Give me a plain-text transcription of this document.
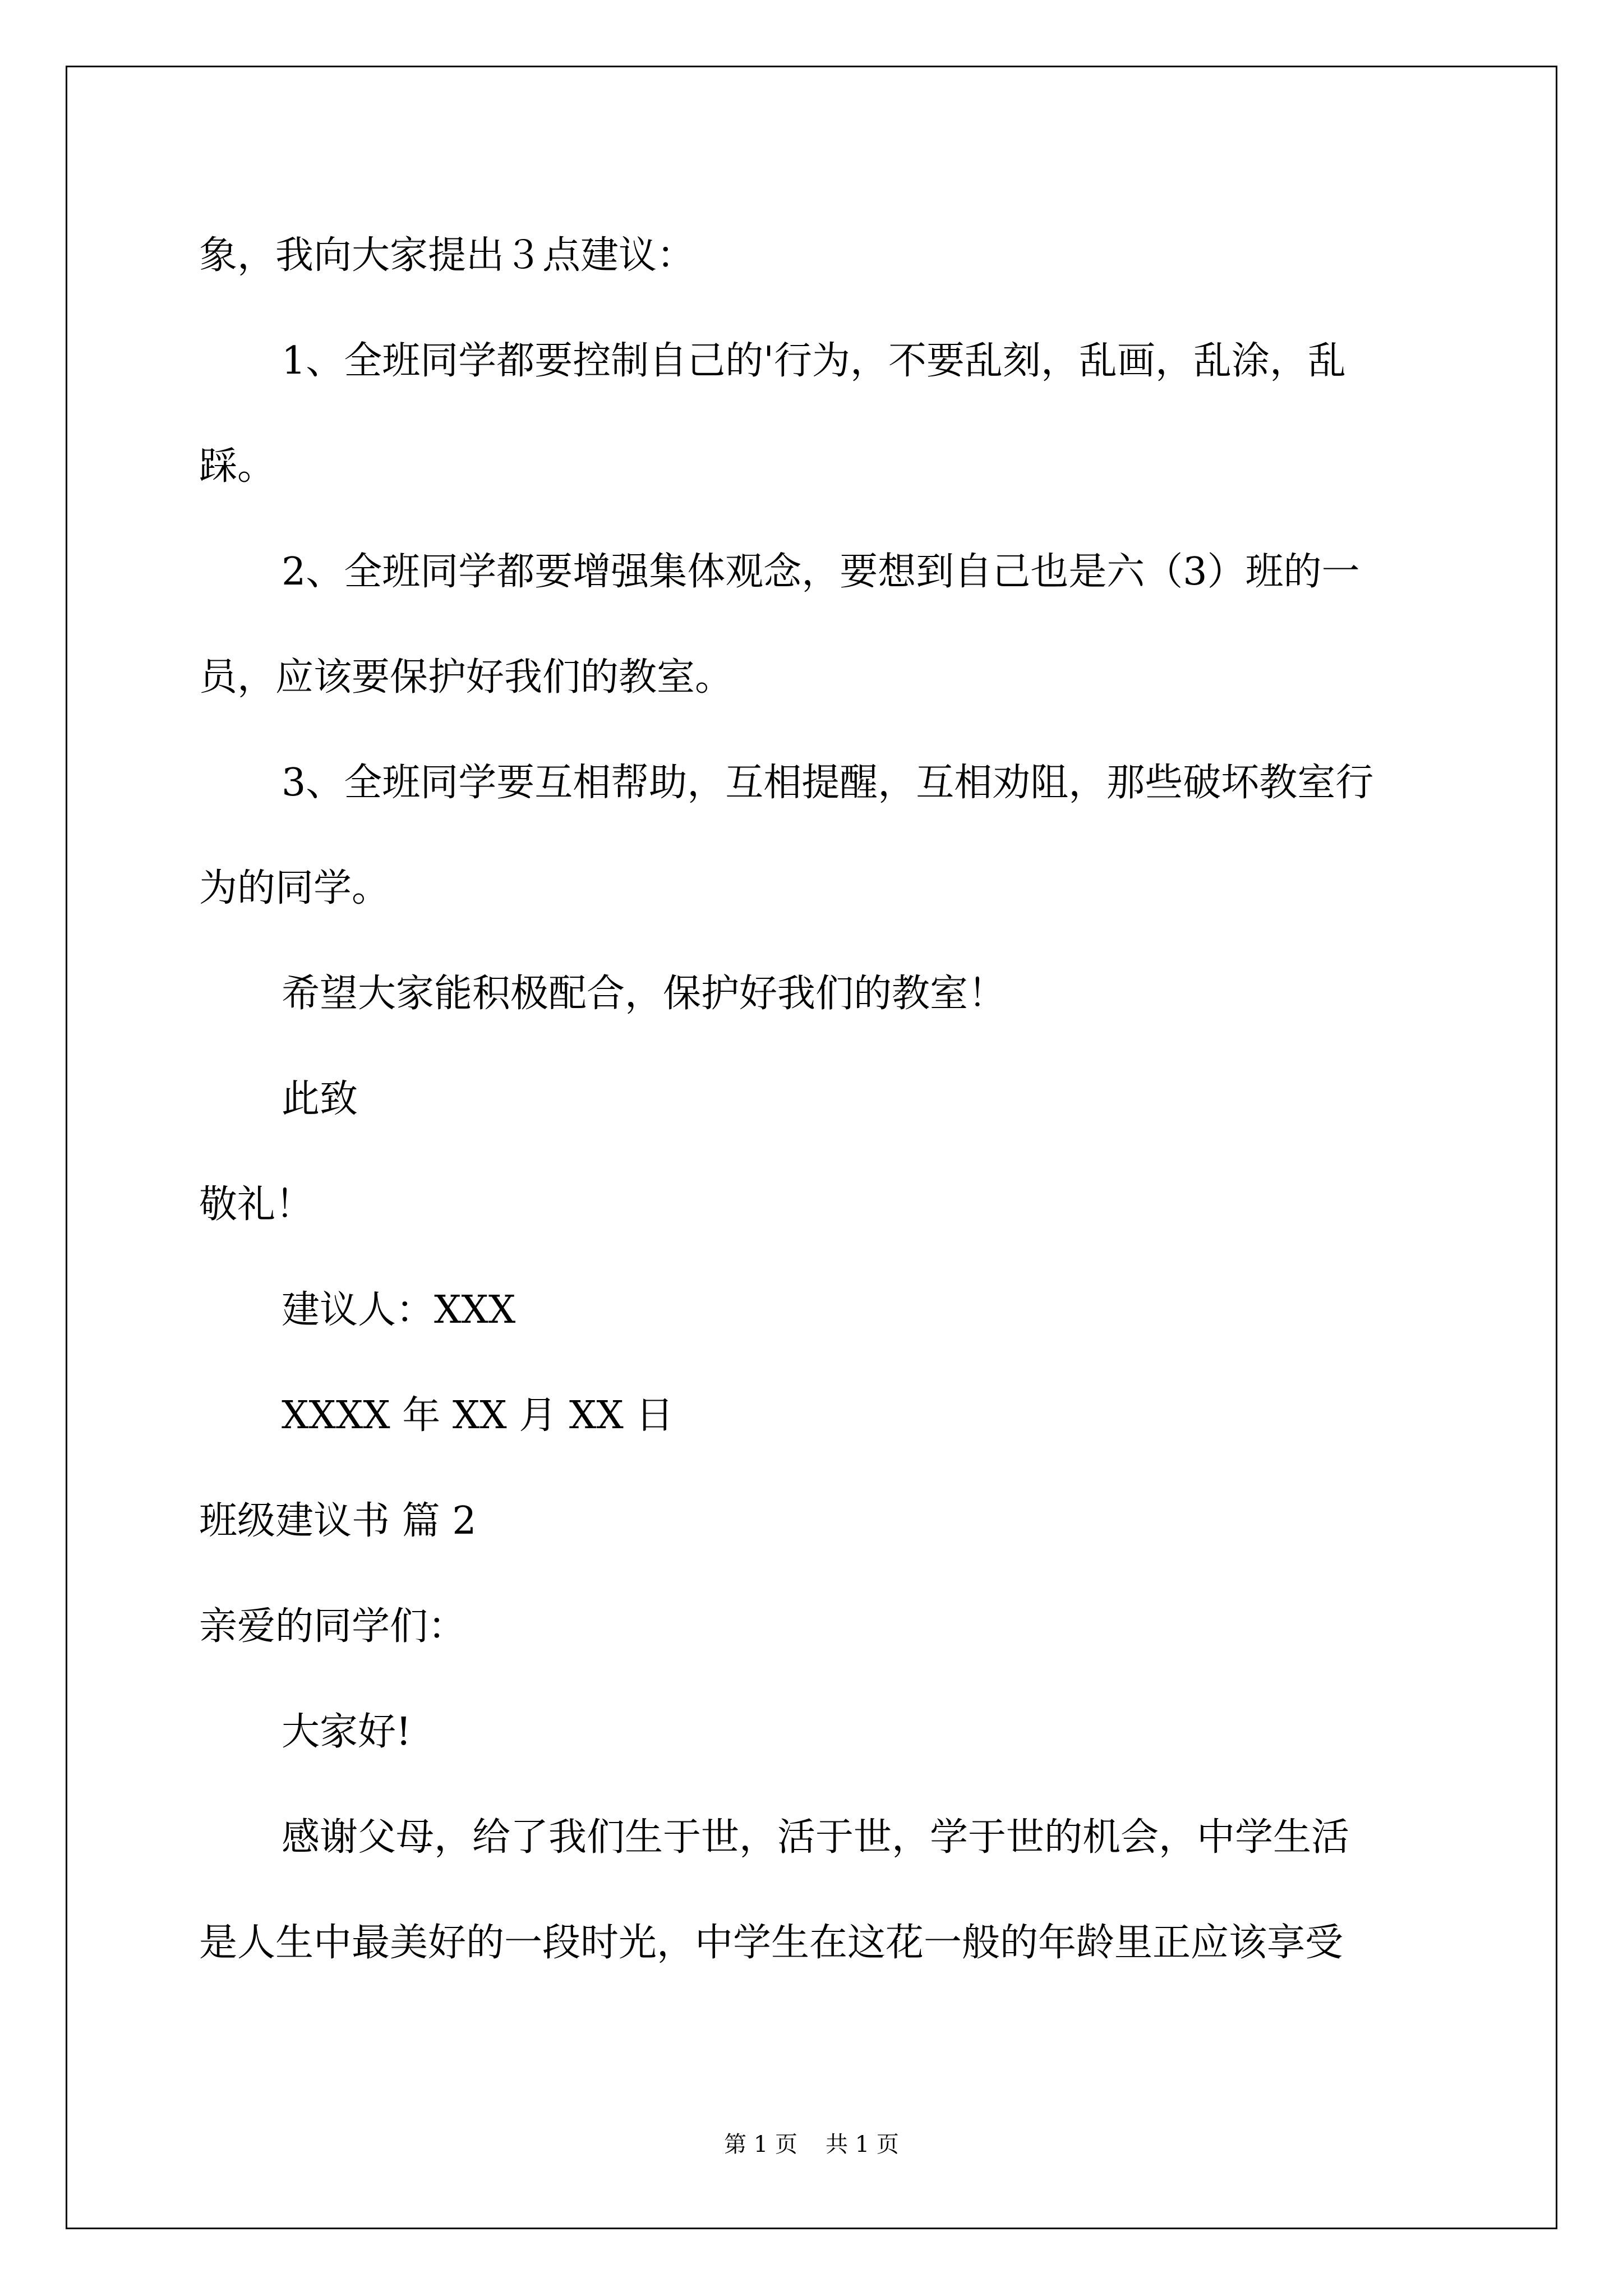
象，我向大家提出３点建议：

1、全班同学都要控制自己的'行为，不要乱刻，乱画，乱涂，乱

踩。

2、全班同学都要增强集体观念，要想到自己也是六（3）班的一

员，应该要保护好我们的教室。

3、全班同学要互相帮助，互相提醒，互相劝阻，那些破坏教室行

为的同学。

希望大家能积极配合，保护好我们的教室！

此致

敬礼！

建议人：XXX

XXXX 年 XX 月 XX 日

班级建议书 篇 2

亲爱的同学们：

大家好!

感谢父母，给了我们生于世，活于世，学于世的机会，中学生活

是人生中最美好的一段时光，中学生在这花一般的年龄里正应该享受

第 1 页 共 1 页
